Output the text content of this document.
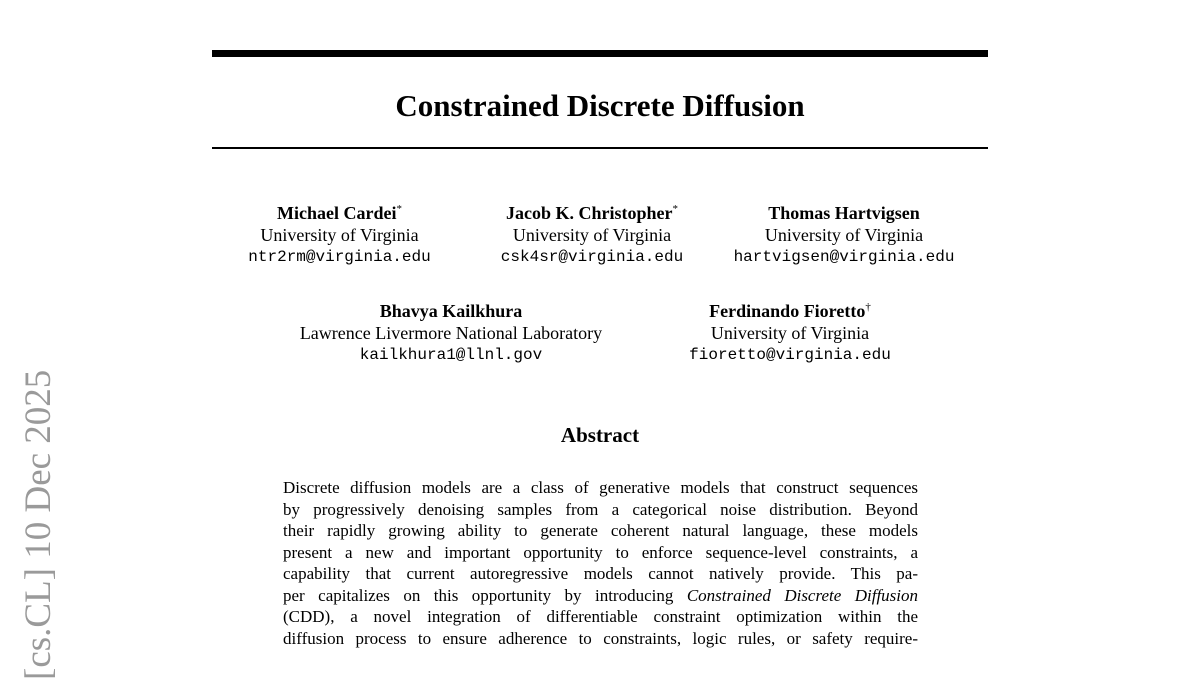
Constrained Discrete Diffusion
Michael Cardei*
University of Virginia
ntr2rm@virginia.edu
Jacob K. Christopher*
University of Virginia
csk4sr@virginia.edu
Thomas Hartvigsen
University of Virginia
hartvigsen@virginia.edu
Bhavya Kailkhura
Lawrence Livermore National Laboratory
kailkhura1@llnl.gov
Ferdinando Fioretto†
University of Virginia
fioretto@virginia.edu
Abstract
Discrete diffusion models are a class of generative models that construct sequences
by progressively denoising samples from a categorical noise distribution. Beyond
their rapidly growing ability to generate coherent natural language, these models
present a new and important opportunity to enforce sequence-level constraints, a
capability that current autoregressive models cannot natively provide. This pa-
per capitalizes on this opportunity by introducing Constrained Discrete Diffusion
(CDD), a novel integration of differentiable constraint optimization within the
diffusion process to ensure adherence to constraints, logic rules, or safety require-
[cs.CL] 10 Dec 2025
